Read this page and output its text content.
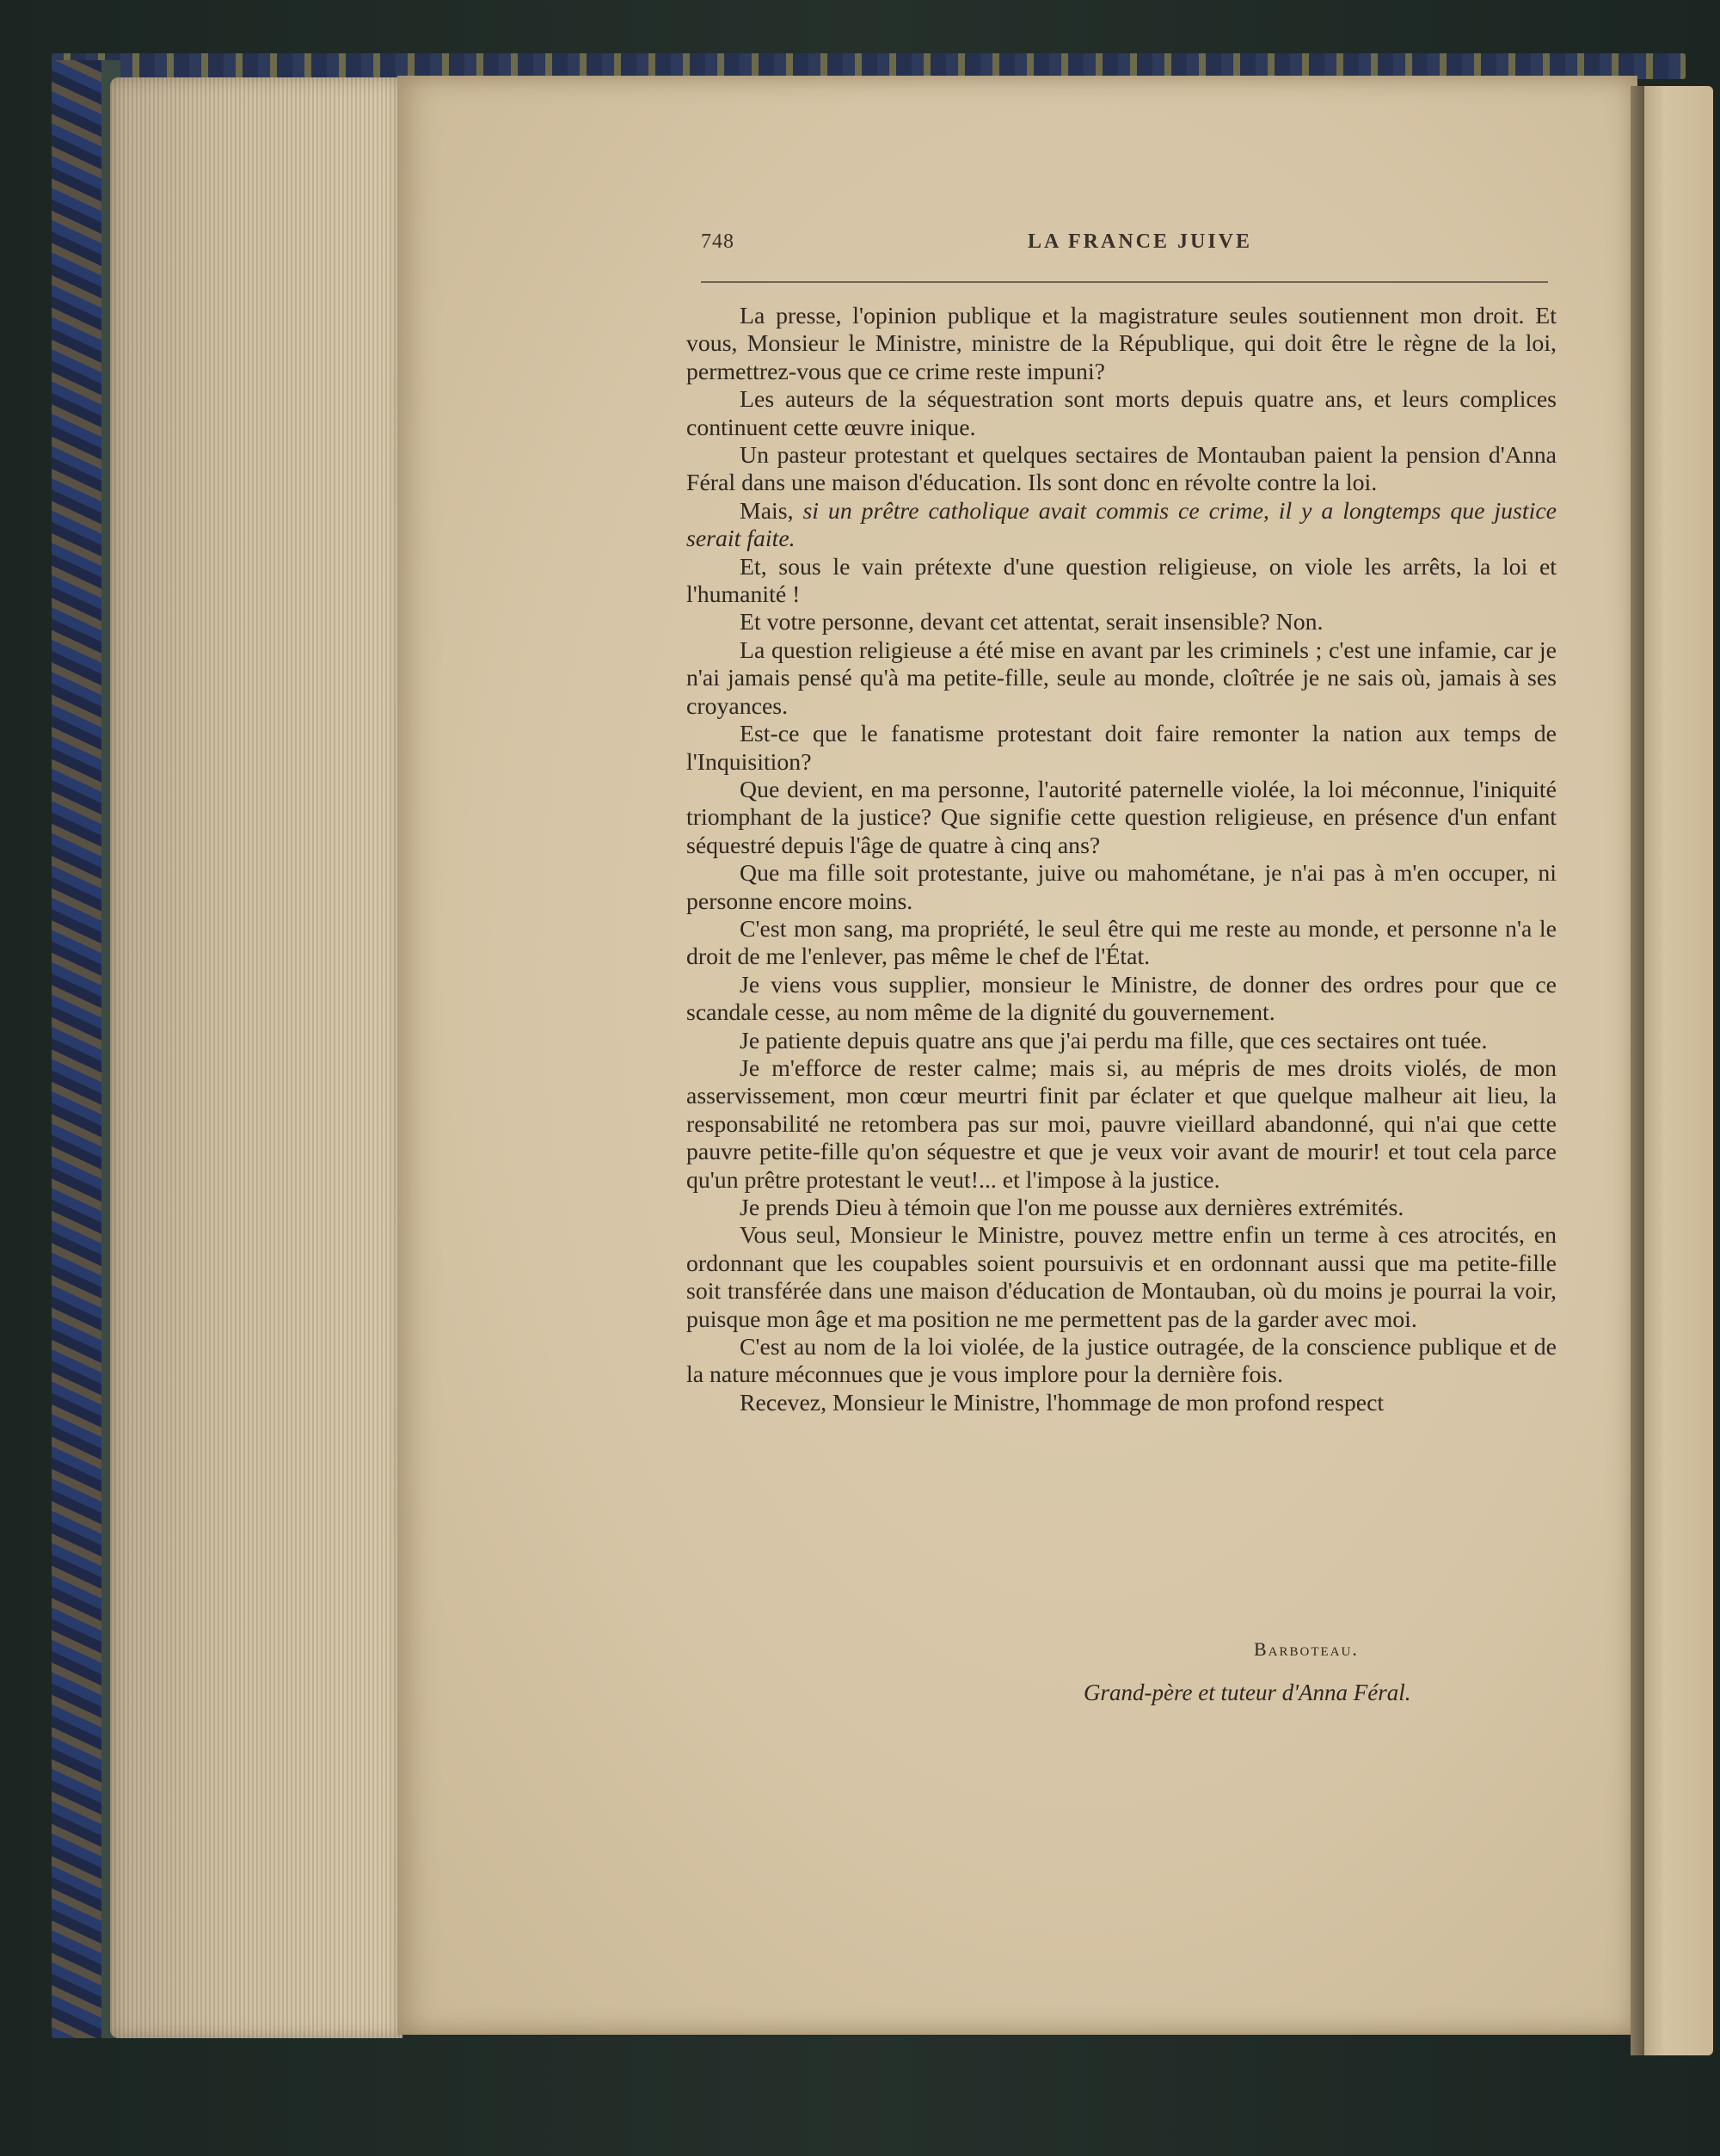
748	LA FRANCE JUIVE

La presse, l'opinion publique et la magistrature seules soutiennent mon droit. Et vous, Monsieur le Ministre, ministre de la République, qui doit être le règne de la loi, permettrez-vous que ce crime reste impuni?

Les auteurs de la séquestration sont morts depuis quatre ans, et leurs complices continuent cette œuvre inique.

Un pasteur protestant et quelques sectaires de Montauban paient la pension d'Anna Féral dans une maison d'éducation. Ils sont donc en révolte contre la loi.

Mais, si un prêtre catholique avait commis ce crime, il y a longtemps que justice serait faite.

Et, sous le vain prétexte d'une question religieuse, on viole les arrêts, la loi et l'humanité !

Et votre personne, devant cet attentat, serait insensible? Non.

La question religieuse a été mise en avant par les criminels ; c'est une infamie, car je n'ai jamais pensé qu'à ma petite-fille, seule au monde, cloîtrée je ne sais où, jamais à ses croyances.

Est-ce que le fanatisme protestant doit faire remonter la nation aux temps de l'Inquisition?

Que devient, en ma personne, l'autorité paternelle violée, la loi méconnue, l'iniquité triomphant de la justice? Que signifie cette question religieuse, en présence d'un enfant séquestré depuis l'âge de quatre à cinq ans?

Que ma fille soit protestante, juive ou mahométane, je n'ai pas à m'en occuper, ni personne encore moins.

C'est mon sang, ma propriété, le seul être qui me reste au monde, et personne n'a le droit de me l'enlever, pas même le chef de l'État.

Je viens vous supplier, monsieur le Ministre, de donner des ordres pour que ce scandale cesse, au nom même de la dignité du gouvernement.

Je patiente depuis quatre ans que j'ai perdu ma fille, que ces sectaires ont tuée.

Je m'efforce de rester calme; mais si, au mépris de mes droits violés, de mon asservissement, mon cœur meurtri finit par éclater et que quelque malheur ait lieu, la responsabilité ne retombera pas sur moi, pauvre vieillard abandonné, qui n'ai que cette pauvre petite-fille qu'on séquestre et que je veux voir avant de mourir! et tout cela parce qu'un prêtre protestant le veut!... et l'impose à la justice.

Je prends Dieu à témoin que l'on me pousse aux dernières extrémités.

Vous seul, Monsieur le Ministre, pouvez mettre enfin un terme à ces atrocités, en ordonnant que les coupables soient poursuivis et en ordonnant aussi que ma petite-fille soit transférée dans une maison d'éducation de Montauban, où du moins je pourrai la voir, puisque mon âge et ma position ne me permettent pas de la garder avec moi.

C'est au nom de la loi violée, de la justice outragée, de la conscience publique et de la nature méconnues que je vous implore pour la dernière fois.

Recevez, Monsieur le Ministre, l'hommage de mon profond respect

Barboteau.
Grand-père et tuteur d'Anna Féral.
